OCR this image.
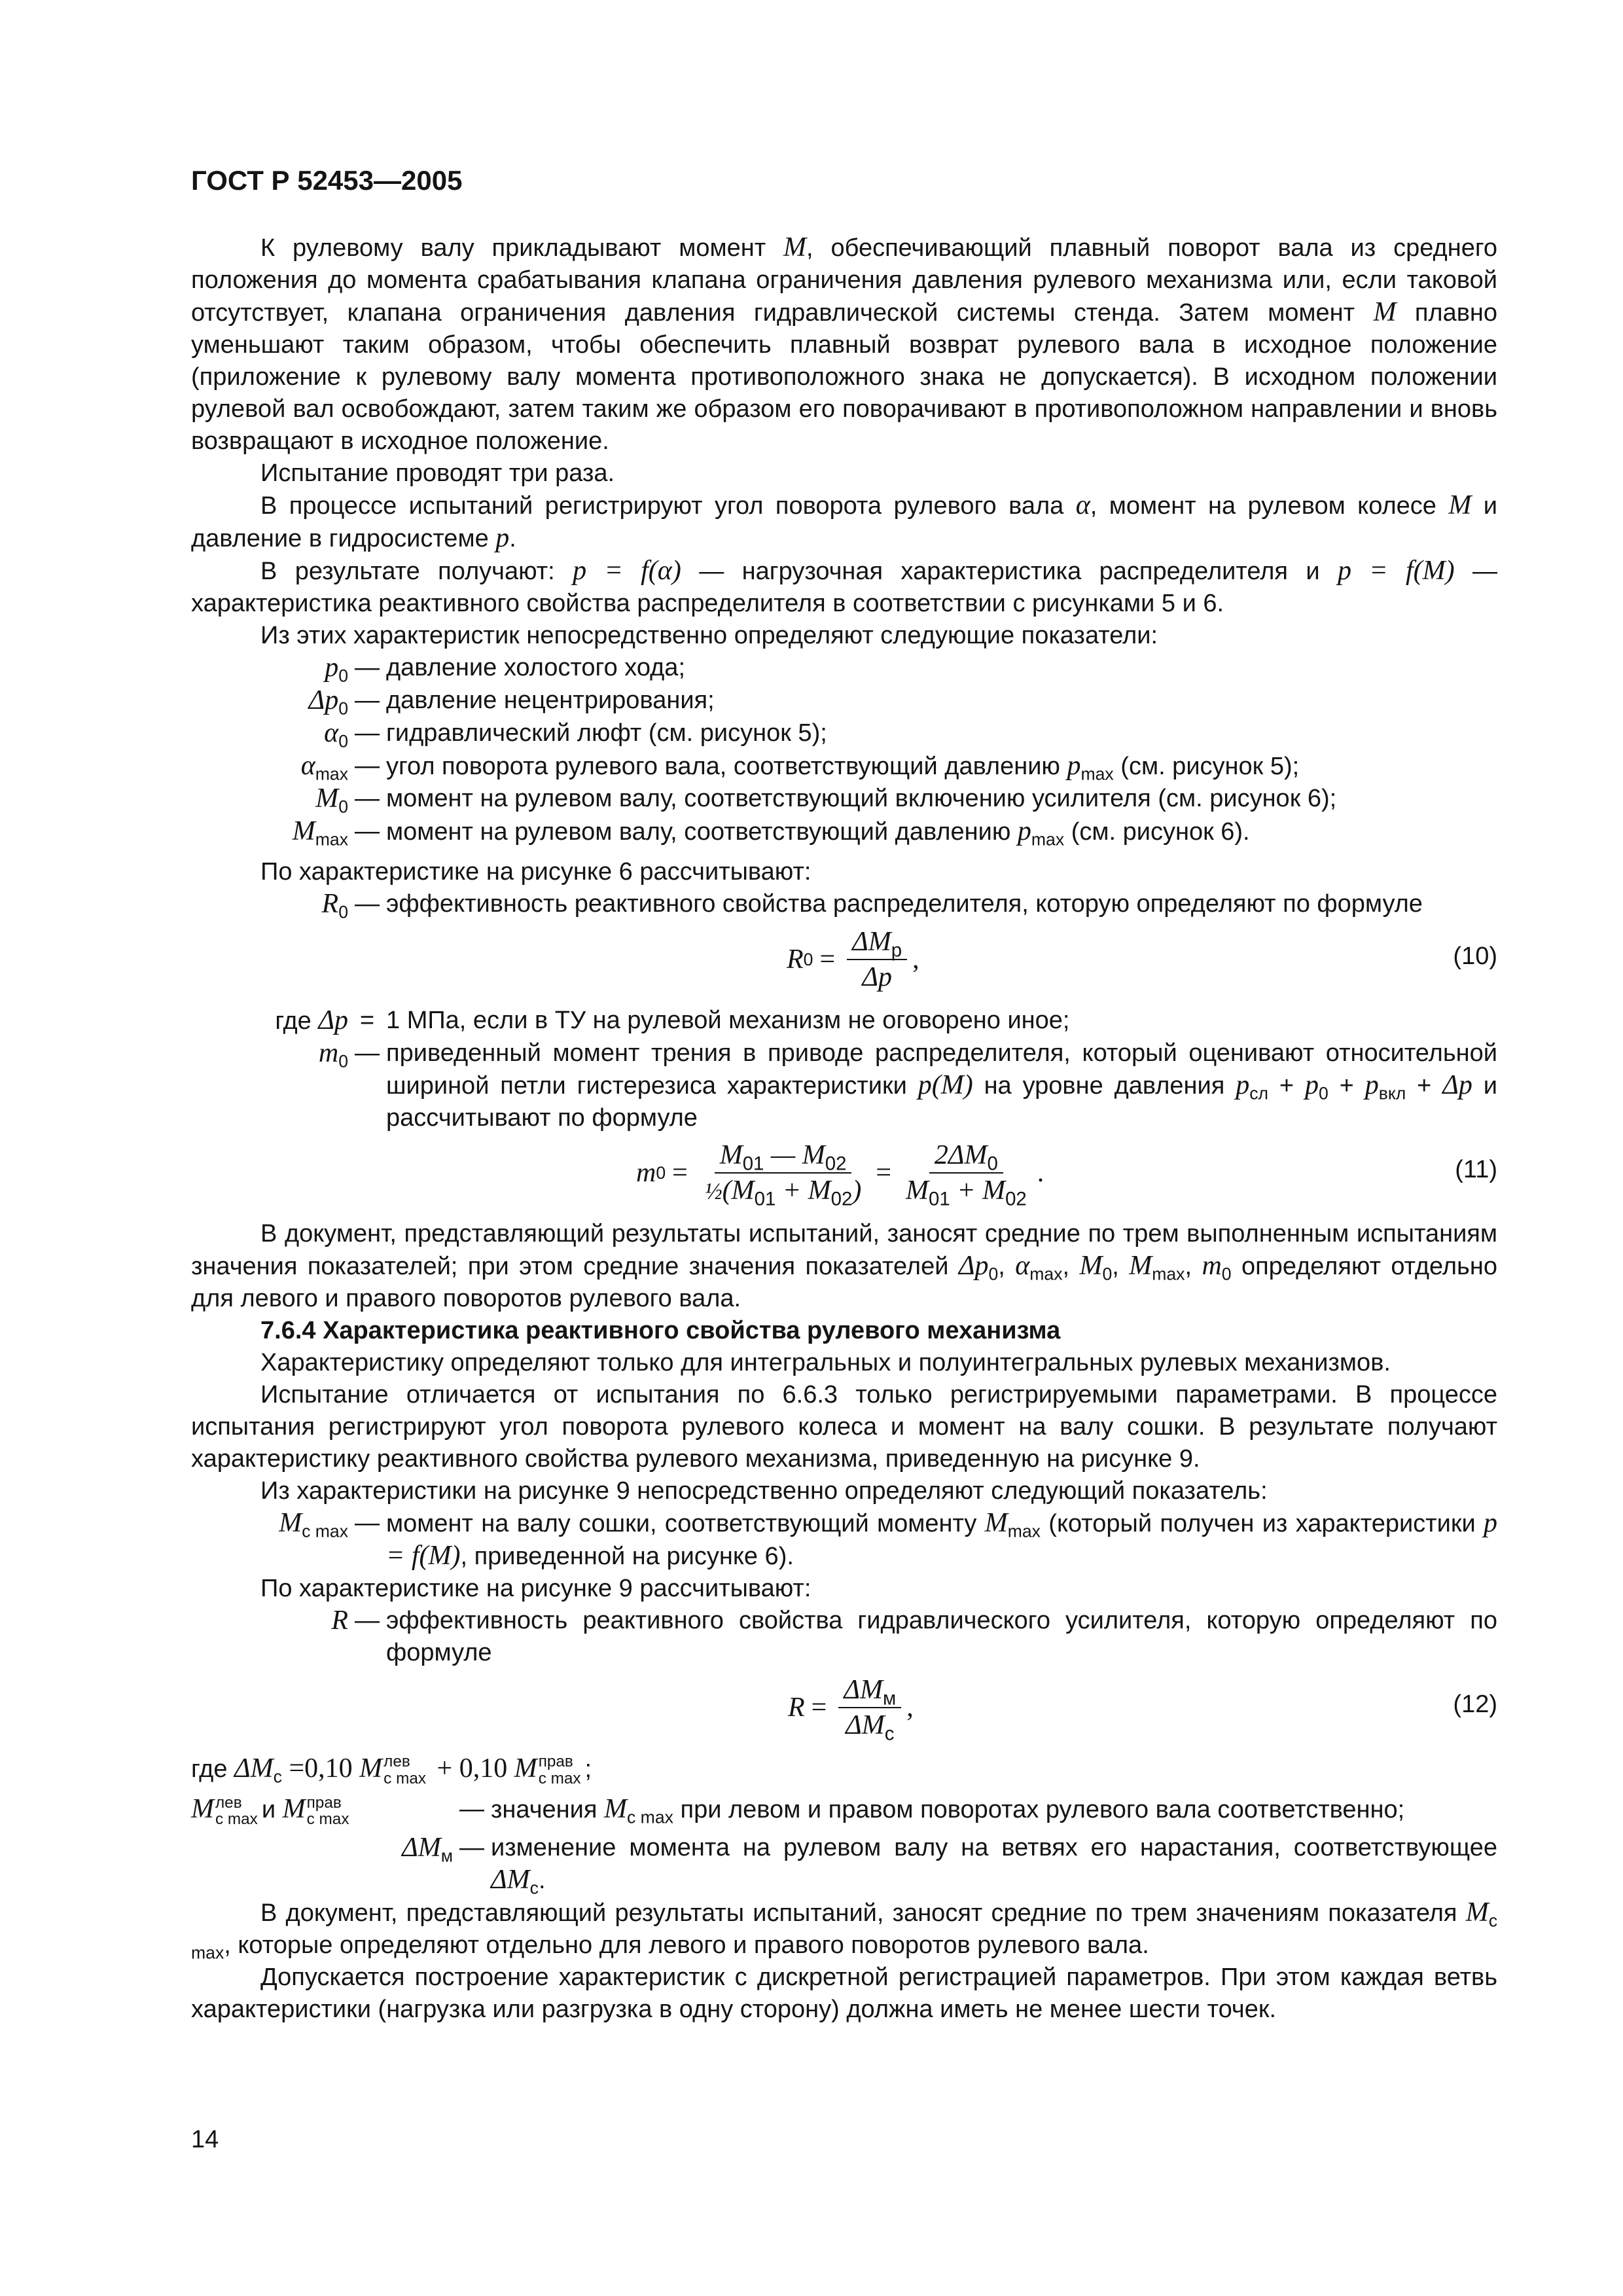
ГОСТ Р 52453—2005

К рулевому валу прикладывают момент M, обеспечивающий плавный поворот вала из среднего положения до момента срабатывания клапана ограничения давления рулевого механизма или, если таковой отсутствует, клапана ограничения давления гидравлической системы стенда. Затем момент M плавно уменьшают таким образом, чтобы обеспечить плавный возврат рулевого вала в исходное положение (приложение к рулевому валу момента противоположного знака не допускается). В исходном положении рулевой вал освобождают, затем таким же образом его поворачивают в противоположном направлении и вновь возвращают в исходное положение.

Испытание проводят три раза.

В процессе испытаний регистрируют угол поворота рулевого вала α, момент на рулевом колесе M и давление в гидросистеме p.

В результате получают: p = f(α) — нагрузочная характеристика распределителя и p = f(M) — характеристика реактивного свойства распределителя в соответствии с рисунками 5 и 6.

Из этих характеристик непосредственно определяют следующие показатели:

$p_0$ — давление холостого хода;
$\Delta p_0$ — давление нецентрирования;
$\alpha_0$ — гидравлический люфт (см. рисунок 5);
$\alpha_{max}$ — угол поворота рулевого вала, соответствующий давлению $p_{max}$ (см. рисунок 5);
$M_0$ — момент на рулевом валу, соответствующий включению усилителя (см. рисунок 6);
$M_{max}$ — момент на рулевом валу, соответствующий давлению $p_{max}$ (см. рисунок 6).

По характеристике на рисунке 6 рассчитывают:

$R_0$ — эффективность реактивного свойства распределителя, которую определяют по формуле
R $0 = \frac{\Delta M_p}{\Delta p}$ ,	(10)
где Δp = 1 МПа, если в ТУ на рулевой механизм не оговорено иное;
$m_0$ — приведенный момент трения в приводе распределителя, который оценивают относительной шириной петли гистерезиса характеристики p(M) на уровне давления $p_{сл} + p_0 + p_{вкл} + \Delta p$ и рассчитывают по формуле
m $0 = \frac{M_{01} — M_{02}}{\frac{1}{2}(M_{01} + M_{02})} = \frac{2\Delta M_0}{M_{01} + M_{02}}$ .	(11)

В документ, представляющий результаты испытаний, заносят средние по трем выполненным испытаниям значения показателей; при этом средние значения показателей $\Delta p_0$, $\alpha_{max}$, $M_0$, $M_{max}$, $m_0$ определяют отдельно для левого и правого поворотов рулевого вала.

7.6.4 Характеристика реактивного свойства рулевого механизма

Характеристику определяют только для интегральных и полуинтегральных рулевых механизмов.

Испытание отличается от испытания по 6.6.3 только регистрируемыми параметрами. В процессе испытания регистрируют угол поворота рулевого колеса и момент на валу сошки. В результате получают характеристику реактивного свойства рулевого механизма, приведенную на рисунке 9.

Из характеристики на рисунке 9 непосредственно определяют следующий показатель:

$M_{с max}$ — момент на валу сошки, соответствующий моменту $M_{max}$ (который получен из характеристики p = f(M), приведенной на рисунке 6).

По характеристике на рисунке 9 рассчитывают:

R — эффективность реактивного свойства гидравлического усилителя, которую определяют по формуле
$R = \frac{\Delta M_м}{\Delta M_с}$ ,	(12)
где $\Delta M_с =0,10$ M лев
с max + 0,10 M прав
с max ;
M лев
с max и M прав
с max	— значения $M_{с max}$ при левом и правом поворотах рулевого вала соответственно;
$\Delta M_м$ — изменение момента на рулевом валу на ветвях его нарастания, соответствующее $\Delta M_с$.

В документ, представляющий результаты испытаний, заносят средние по трем значениям показателя $M_{с max}$, которые определяют отдельно для левого и правого поворотов рулевого вала.

Допускается построение характеристик с дискретной регистрацией параметров. При этом каждая ветвь характеристики (нагрузка или разгрузка в одну сторону) должна иметь не менее шести точек.

14
